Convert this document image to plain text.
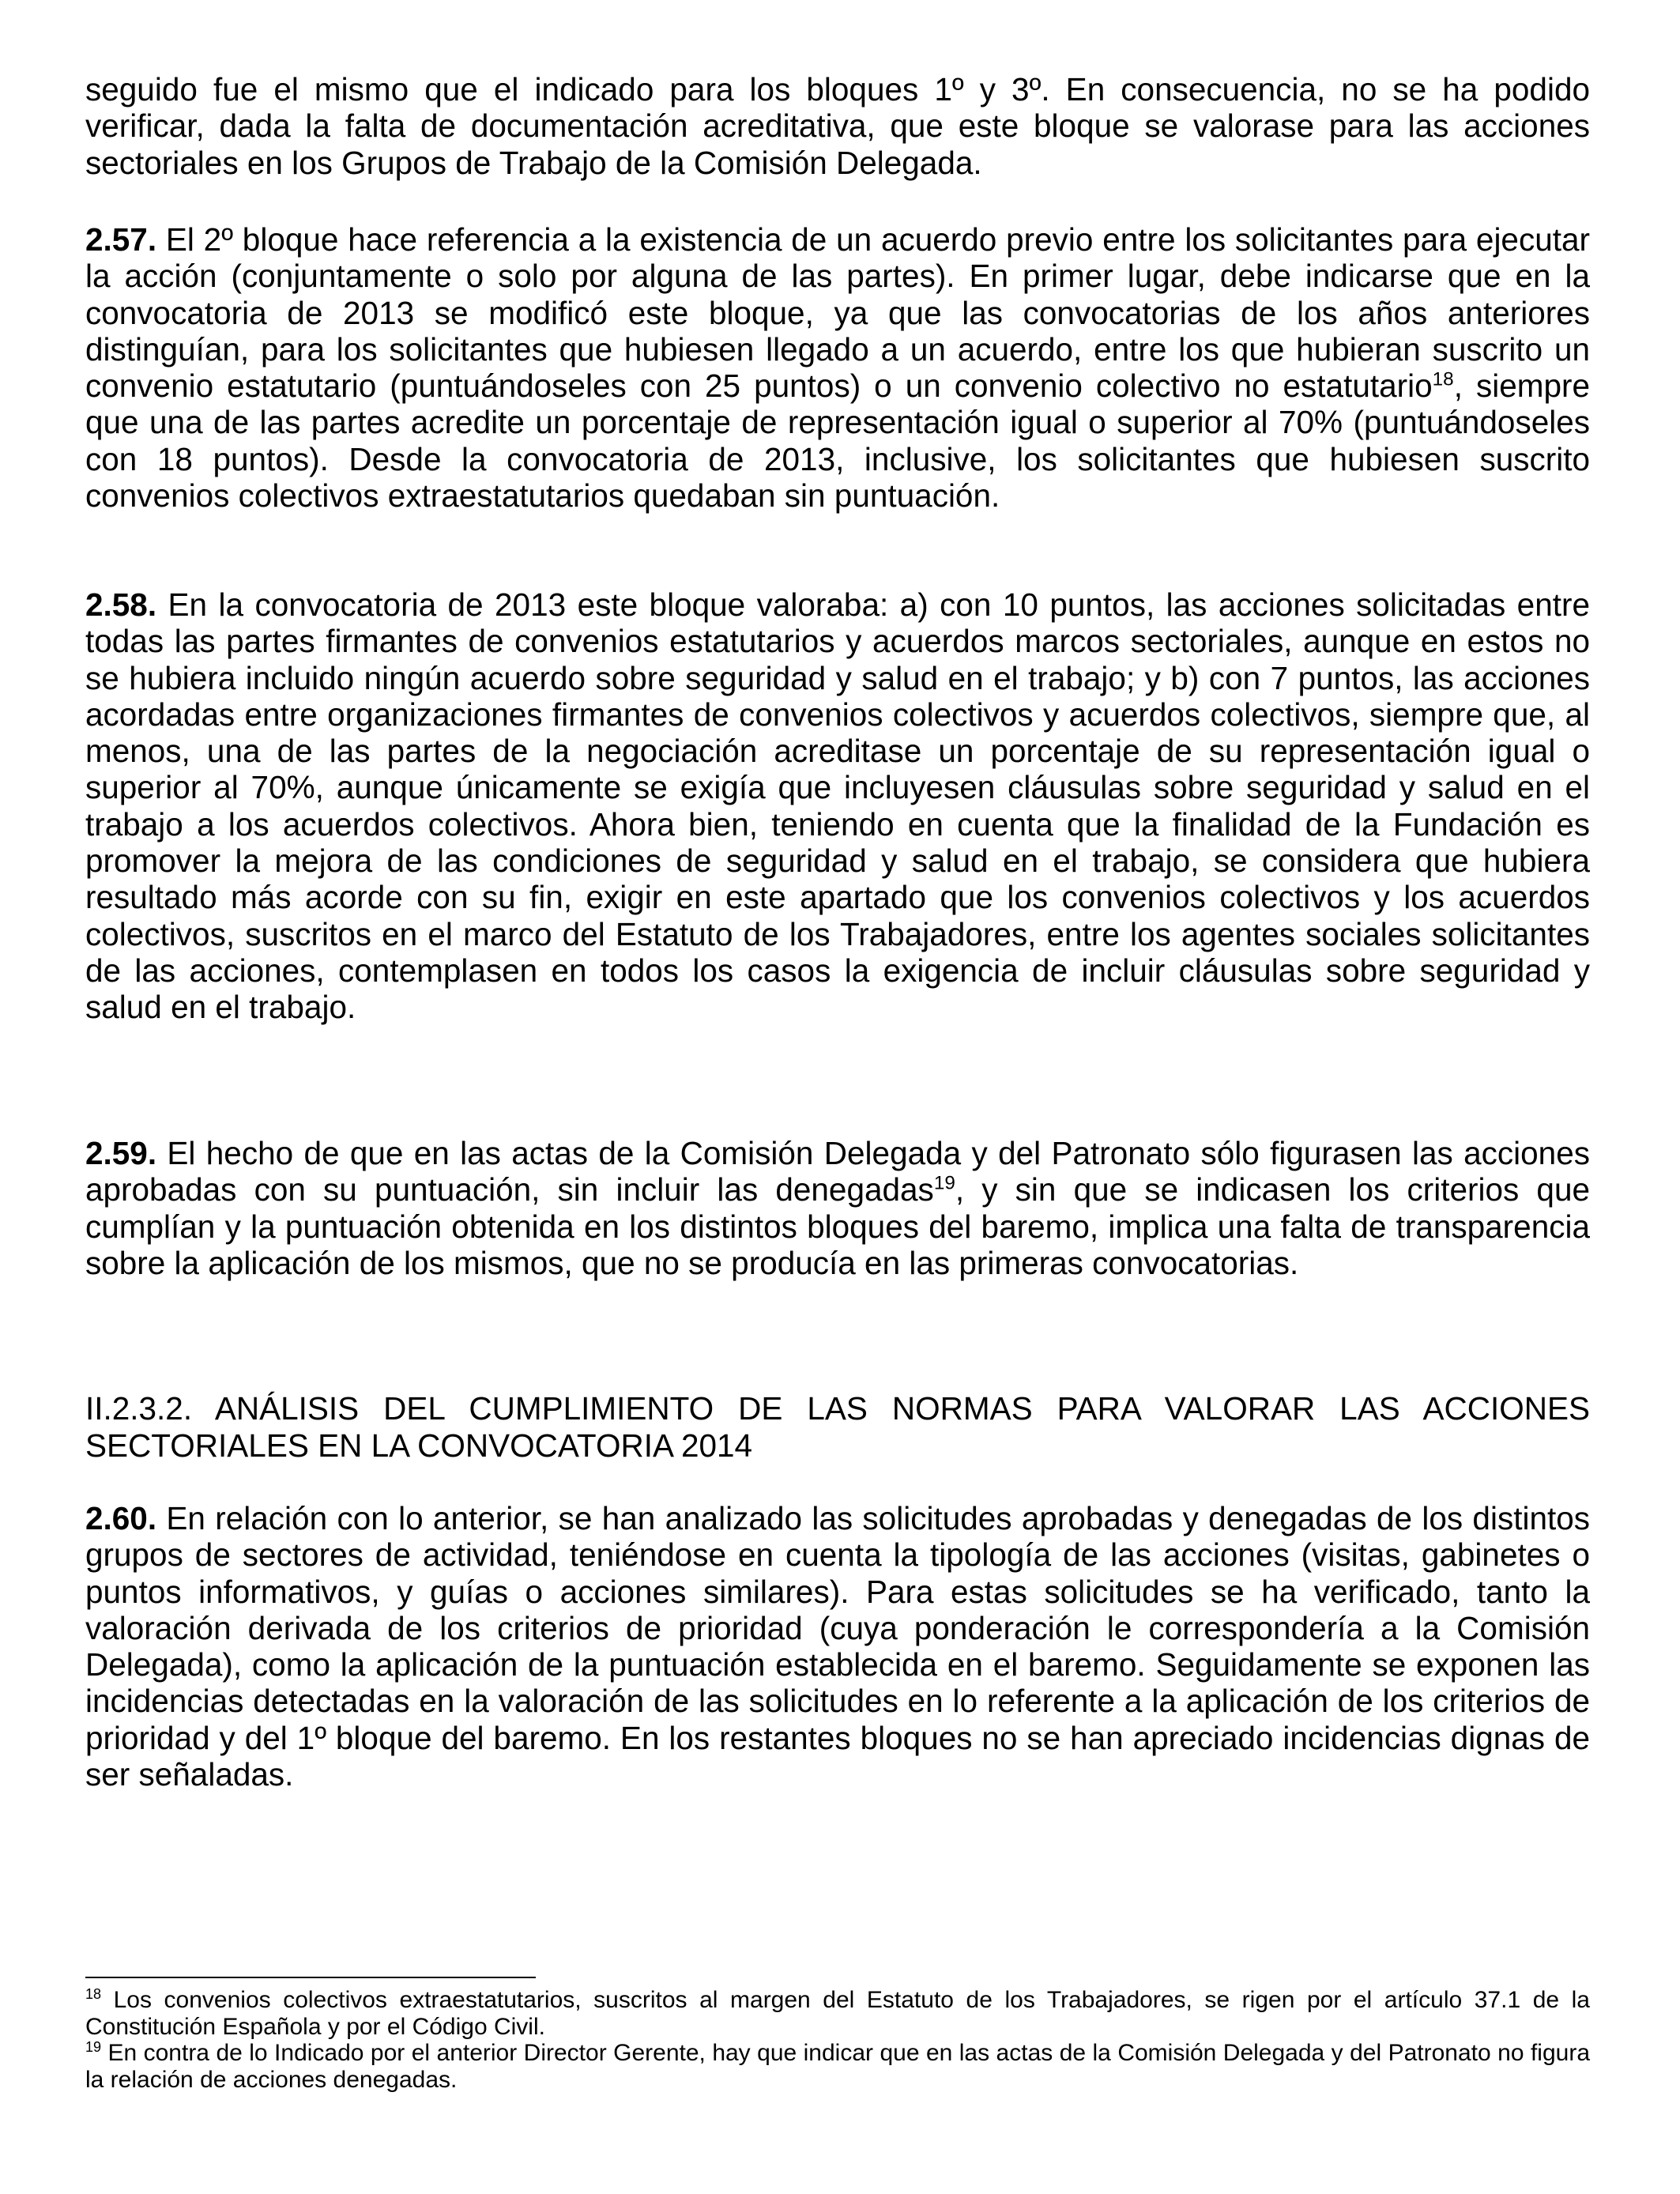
seguido fue el mismo que el indicado para los bloques 1º y 3º. En consecuencia, no se ha podido verificar, dada la falta de documentación acreditativa, que este bloque se valorase para las acciones sectoriales en los Grupos de Trabajo de la Comisión Delegada.

2.57. El 2º bloque hace referencia a la existencia de un acuerdo previo entre los solicitantes para ejecutar la acción (conjuntamente o solo por alguna de las partes). En primer lugar, debe indicarse que en la convocatoria de 2013 se modificó este bloque, ya que las convocatorias de los años anteriores distinguían, para los solicitantes que hubiesen llegado a un acuerdo, entre los que hubieran suscrito un convenio estatutario (puntuándoseles con 25 puntos) o un convenio colectivo no estatutario$^{18}$, siempre que una de las partes acredite un porcentaje de representación igual o superior al 70% (puntuándoseles con 18 puntos). Desde la convocatoria de 2013, inclusive, los solicitantes que hubiesen suscrito convenios colectivos extraestatutarios quedaban sin puntuación.

2.58. En la convocatoria de 2013 este bloque valoraba: a) con 10 puntos, las acciones solicitadas entre todas las partes firmantes de convenios estatutarios y acuerdos marcos sectoriales, aunque en estos no se hubiera incluido ningún acuerdo sobre seguridad y salud en el trabajo; y b) con 7 puntos, las acciones acordadas entre organizaciones firmantes de convenios colectivos y acuerdos colectivos, siempre que, al menos, una de las partes de la negociación acreditase un porcentaje de su representación igual o superior al 70%, aunque únicamente se exigía que incluyesen cláusulas sobre seguridad y salud en el trabajo a los acuerdos colectivos. Ahora bien, teniendo en cuenta que la finalidad de la Fundación es promover la mejora de las condiciones de seguridad y salud en el trabajo, se considera que hubiera resultado más acorde con su fin, exigir en este apartado que los convenios colectivos y los acuerdos colectivos, suscritos en el marco del Estatuto de los Trabajadores, entre los agentes sociales solicitantes de las acciones, contemplasen en todos los casos la exigencia de incluir cláusulas sobre seguridad y salud en el trabajo.

2.59. El hecho de que en las actas de la Comisión Delegada y del Patronato sólo figurasen las acciones aprobadas con su puntuación, sin incluir las denegadas$^{19}$, y sin que se indicasen los criterios que cumplían y la puntuación obtenida en los distintos bloques del baremo, implica una falta de transparencia sobre la aplicación de los mismos, que no se producía en las primeras convocatorias.

II.2.3.2. ANÁLISIS DEL CUMPLIMIENTO DE LAS NORMAS PARA VALORAR LAS ACCIONES SECTORIALES EN LA CONVOCATORIA 2014

2.60. En relación con lo anterior, se han analizado las solicitudes aprobadas y denegadas de los distintos grupos de sectores de actividad, teniéndose en cuenta la tipología de las acciones (visitas, gabinetes o puntos informativos, y guías o acciones similares). Para estas solicitudes se ha verificado, tanto la valoración derivada de los criterios de prioridad (cuya ponderación le correspondería a la Comisión Delegada), como la aplicación de la puntuación establecida en el baremo. Seguidamente se exponen las incidencias detectadas en la valoración de las solicitudes en lo referente a la aplicación de los criterios de prioridad y del 1º bloque del baremo. En los restantes bloques no se han apreciado incidencias dignas de ser señaladas.

$^{18}$ Los convenios colectivos extraestatutarios, suscritos al margen del Estatuto de los Trabajadores, se rigen por el artículo 37.1 de la Constitución Española y por el Código Civil.

$^{19}$ En contra de lo Indicado por el anterior Director Gerente, hay que indicar que en las actas de la Comisión Delegada y del Patronato no figura la relación de acciones denegadas.
